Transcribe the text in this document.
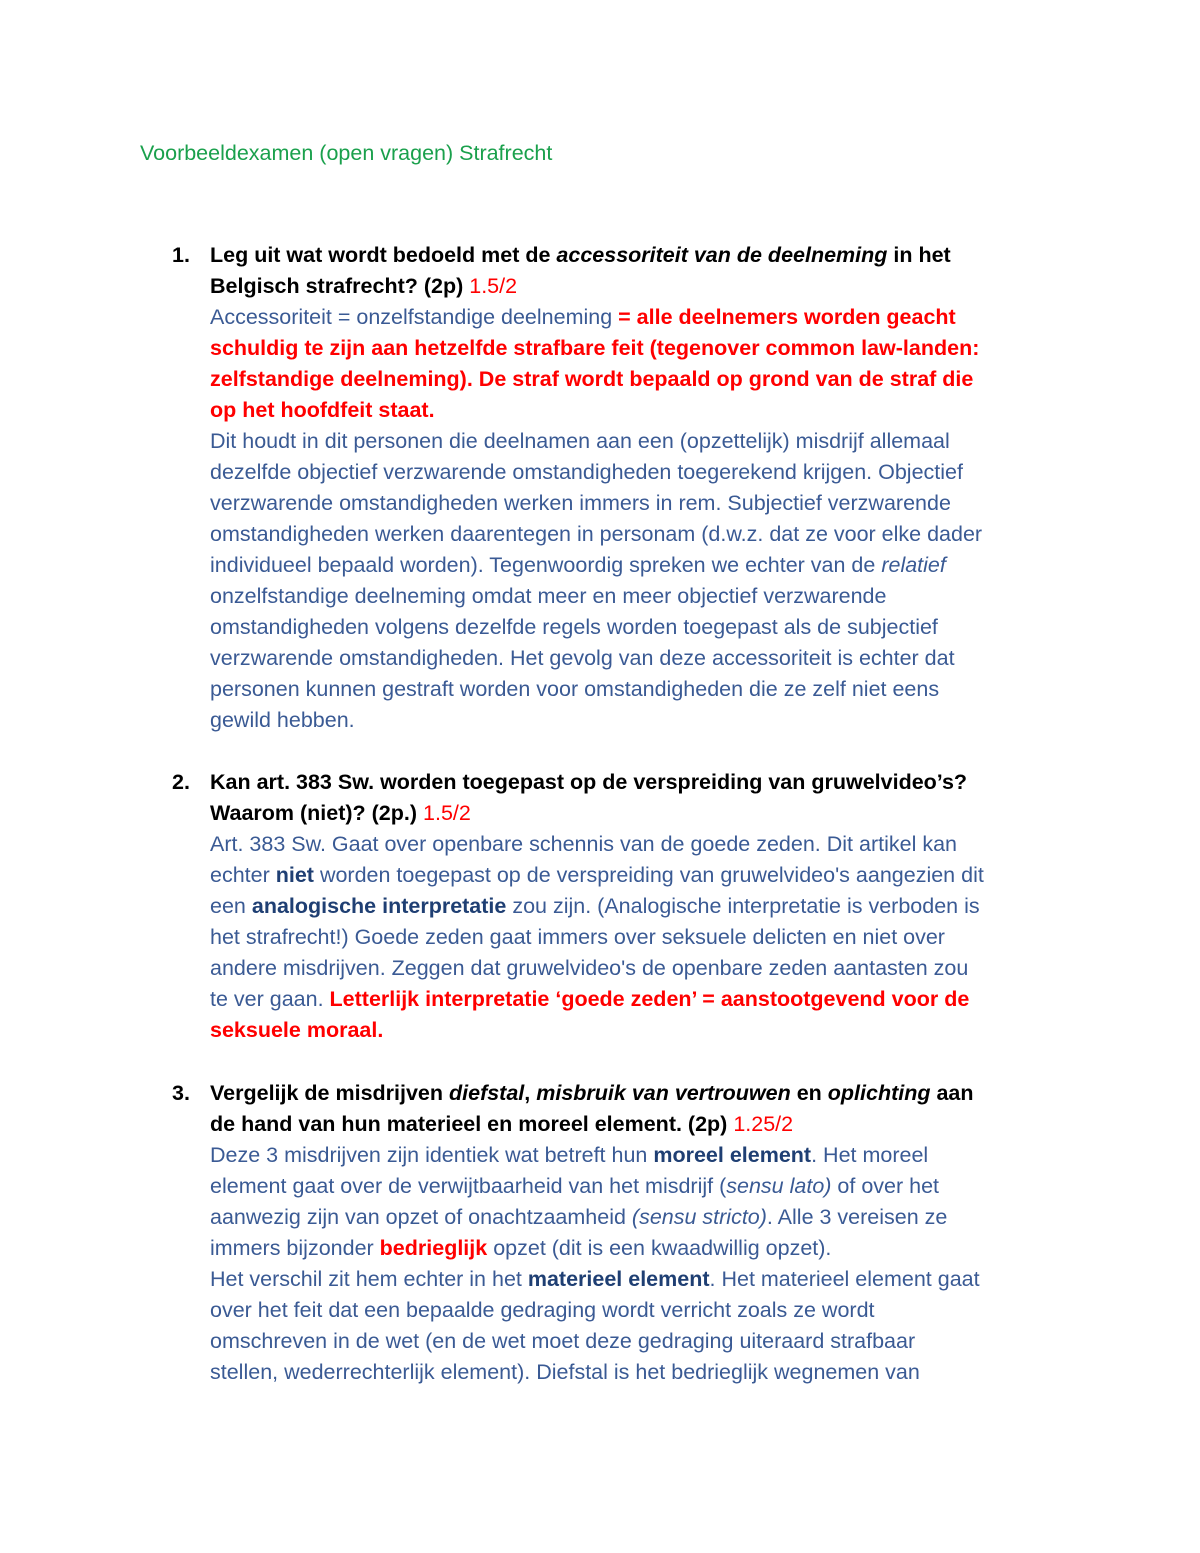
Voorbeeldexamen (open vragen) Strafrecht
1. Leg uit wat wordt bedoeld met de accessoriteit van de deelneming in het
Belgisch strafrecht? (2p) 1.5/2
Accessoriteit = onzelfstandige deelneming = alle deelnemers worden geacht
schuldig te zijn aan hetzelfde strafbare feit (tegenover common law-landen:
zelfstandige deelneming). De straf wordt bepaald op grond van de straf die
op het hoofdfeit staat.
Dit houdt in dit personen die deelnamen aan een (opzettelijk) misdrijf allemaal
dezelfde objectief verzwarende omstandigheden toegerekend krijgen. Objectief
verzwarende omstandigheden werken immers in rem. Subjectief verzwarende
omstandigheden werken daarentegen in personam (d.w.z. dat ze voor elke dader
individueel bepaald worden). Tegenwoordig spreken we echter van de relatief
onzelfstandige deelneming omdat meer en meer objectief verzwarende
omstandigheden volgens dezelfde regels worden toegepast als de subjectief
verzwarende omstandigheden. Het gevolg van deze accessoriteit is echter dat
personen kunnen gestraft worden voor omstandigheden die ze zelf niet eens
gewild hebben.
2. Kan art. 383 Sw. worden toegepast op de verspreiding van gruwelvideo’s?
Waarom (niet)? (2p.) 1.5/2
Art. 383 Sw. Gaat over openbare schennis van de goede zeden. Dit artikel kan
echter niet worden toegepast op de verspreiding van gruwelvideo's aangezien dit
een analogische interpretatie zou zijn. (Analogische interpretatie is verboden is
het strafrecht!) Goede zeden gaat immers over seksuele delicten en niet over
andere misdrijven. Zeggen dat gruwelvideo's de openbare zeden aantasten zou
te ver gaan. Letterlijk interpretatie ‘goede zeden’ = aanstootgevend voor de
seksuele moraal.
3. Vergelijk de misdrijven diefstal, misbruik van vertrouwen en oplichting aan
de hand van hun materieel en moreel element. (2p) 1.25/2
Deze 3 misdrijven zijn identiek wat betreft hun moreel element. Het moreel
element gaat over de verwijtbaarheid van het misdrijf (sensu lato) of over het
aanwezig zijn van opzet of onachtzaamheid (sensu stricto). Alle 3 vereisen ze
immers bijzonder bedrieglijk opzet (dit is een kwaadwillig opzet).
Het verschil zit hem echter in het materieel element. Het materieel element gaat
over het feit dat een bepaalde gedraging wordt verricht zoals ze wordt
omschreven in de wet (en de wet moet deze gedraging uiteraard strafbaar
stellen, wederrechterlijk element). Diefstal is het bedrieglijk wegnemen van
